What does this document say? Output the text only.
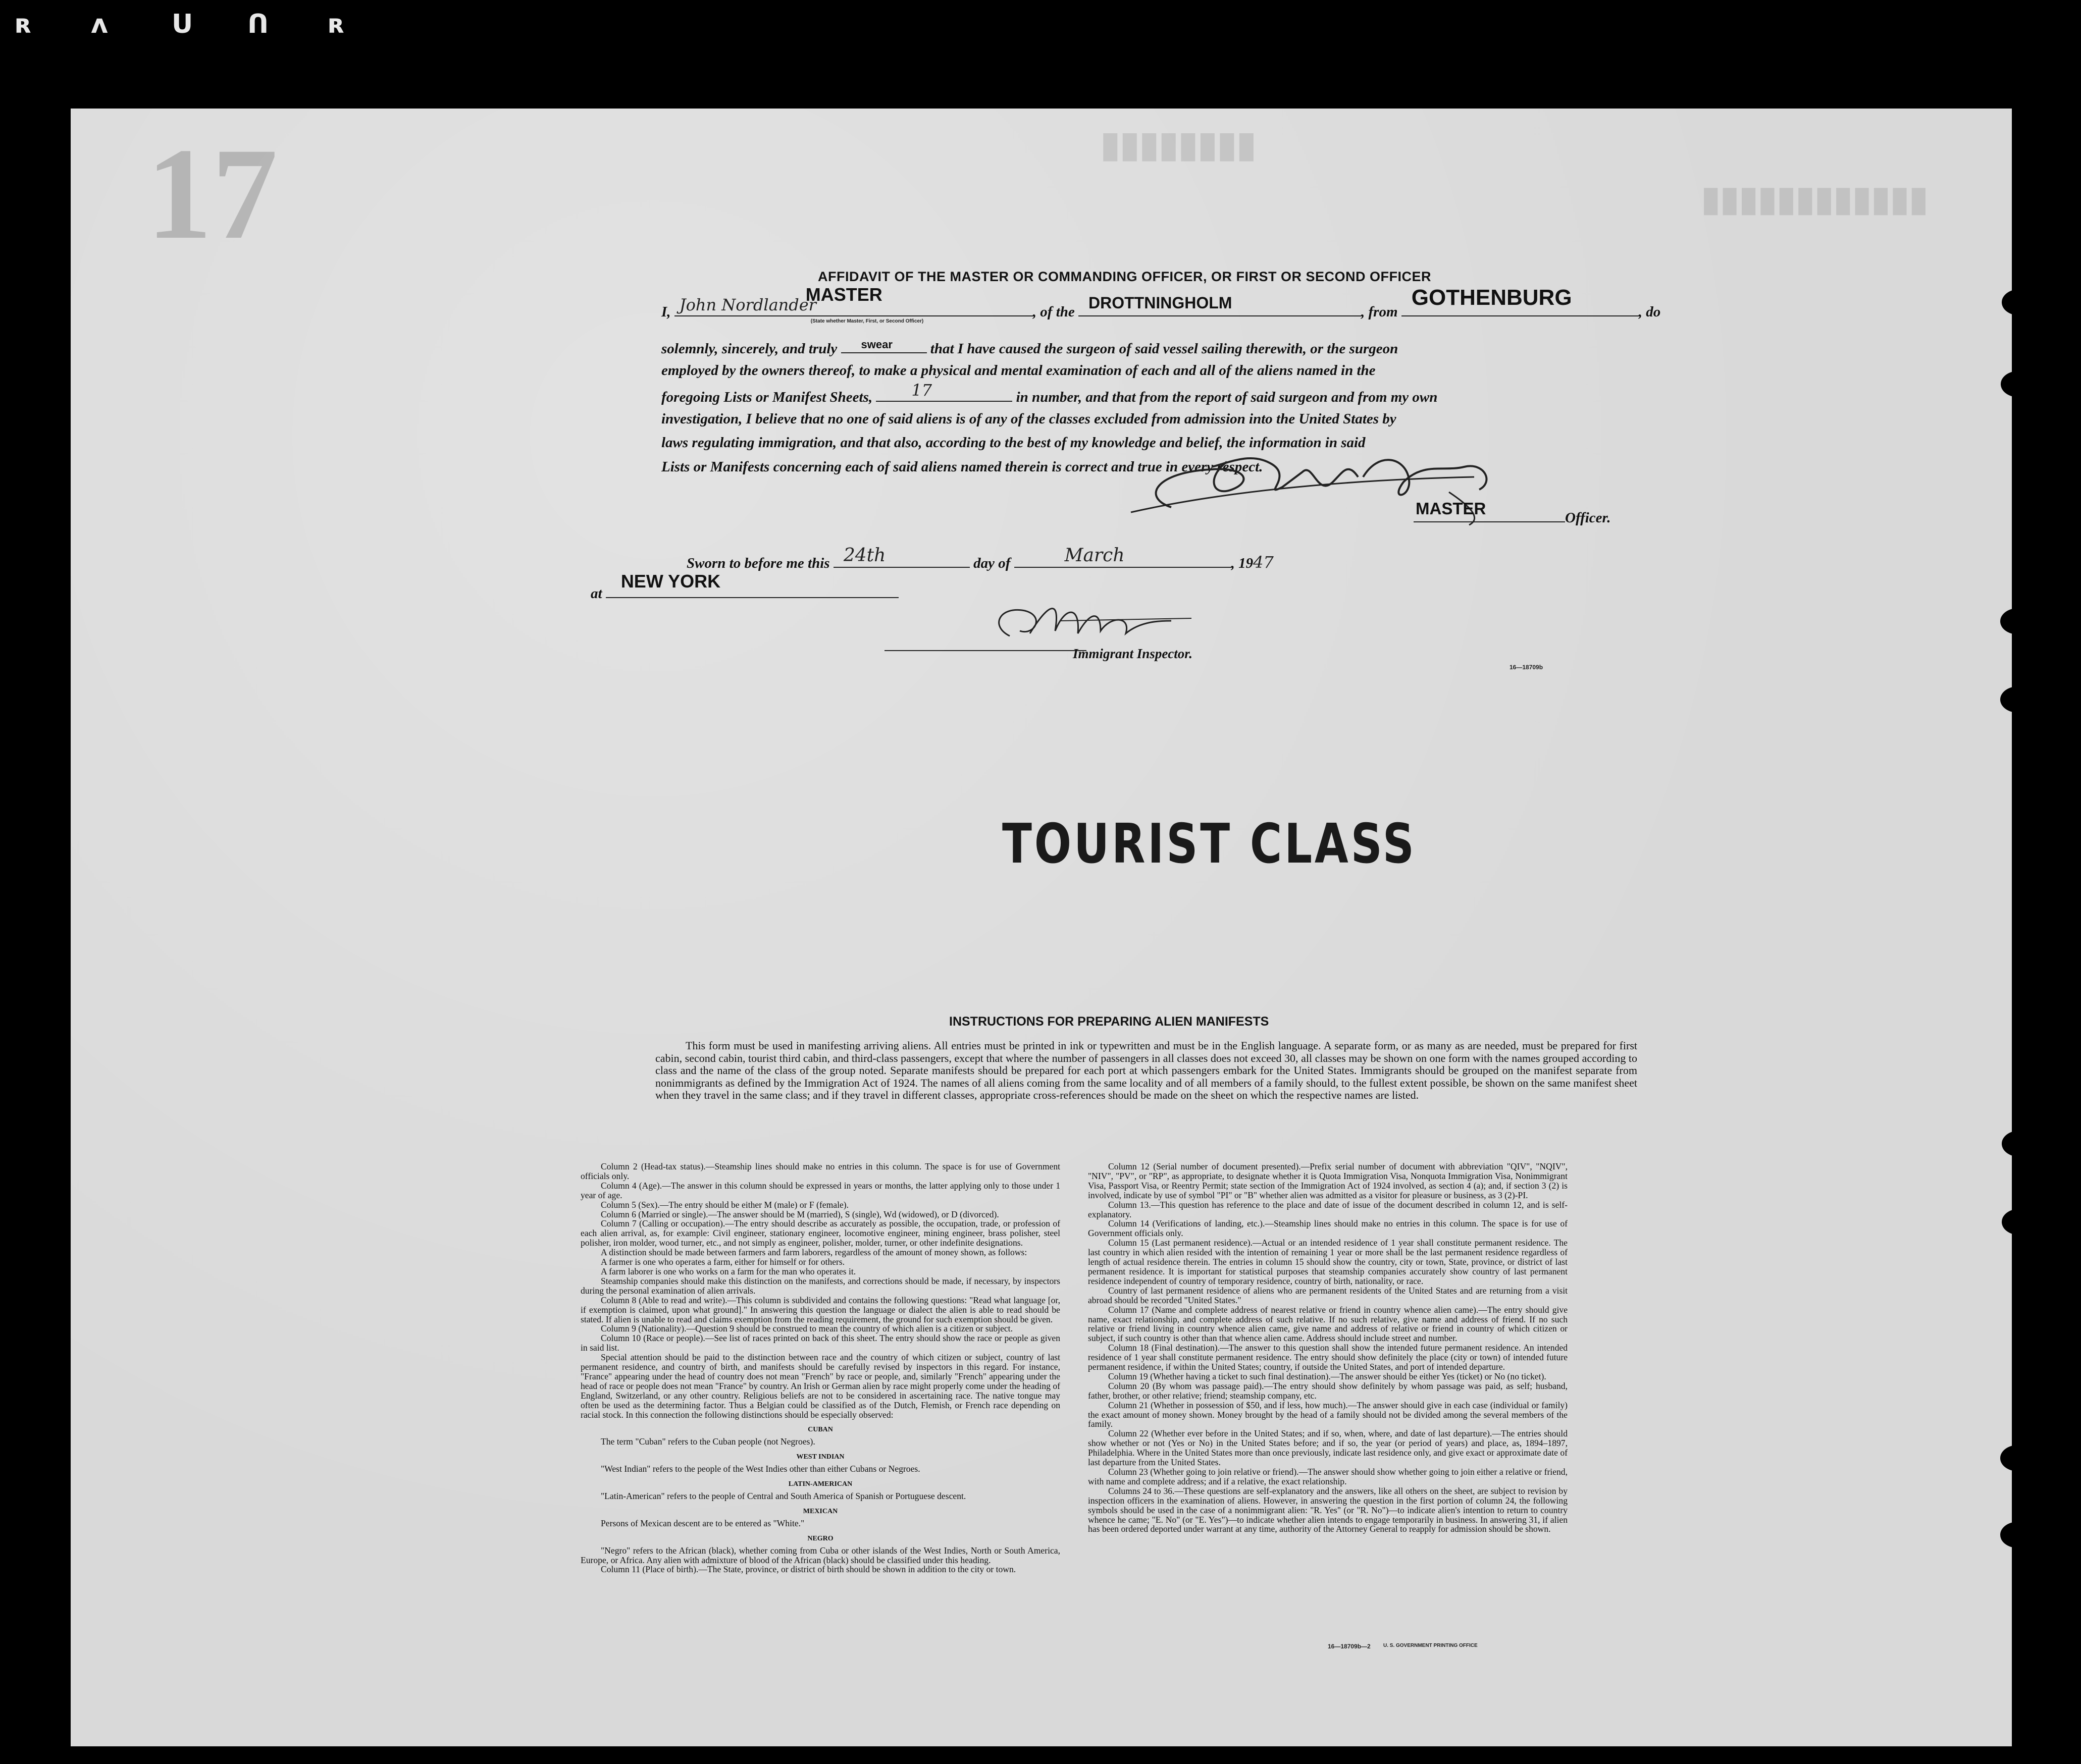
ʀ ʌ ᑌ ᑎ ʀ
17	▮▮▮▮▮▮▮▮
▮▮▮▮▮▮▮▮▮▮▮▮
AFFIDAVIT OF THE MASTER OR COMMANDING OFFICER, OR FIRST OR SECOND OFFICER
I, John Nordlander
MASTER
(State whether Master, First, or Second Officer)
, of the DROTTNINGHOLM	, from
GOTHENBURG
, do
solemnly, sincerely, and truly swear	that I have caused the surgeon of said vessel sailing therewith, or the surgeon
employed by the owners thereof, to make a physical and mental examination of each and all of the aliens named in the
foregoing Lists or Manifest Sheets, 17	in number, and that from the report of said surgeon and from my own
investigation, I believe that no one of said aliens is of any of the classes excluded from admission into the United States by
laws regulating immigration, and that also, according to the best of my knowledge and belief, the information in said
Lists or Manifests concerning each of said aliens named therein is correct and true in every respect.
MASTER	Officer.
Sworn to before me this 24th	day of	March	, 1947
at
NEW YORK
Immigrant Inspector.
16—18709b
TOURIST CLASS
INSTRUCTIONS FOR PREPARING ALIEN MANIFESTS
This form must be used in manifesting arriving aliens. All entries must be printed in ink or typewritten and must be in the English language. A separate form, or as many as are needed, must be prepared for first cabin, second cabin, tourist third cabin, and third-class passengers, except that where the number of passengers in all classes does not exceed 30, all classes may be shown on one form with the names grouped according to class and the name of the class of the group noted. Separate manifests should be prepared for each port at which passengers embark for the United States. Immigrants should be grouped on the manifest separate from nonimmigrants as defined by the Immigration Act of 1924. The names of all aliens coming from the same locality and of all members of a family should, to the fullest extent possible, be shown on the same manifest sheet when they travel in the same class; and if they travel in different classes, appropriate cross-references should be made on the sheet on which the respective names are listed.

Column 2 (Head-tax status).—Steamship lines should make no entries in this column. The space is for use of Government officials only.

Column 4 (Age).—The answer in this column should be expressed in years or months, the latter applying only to those under 1 year of age.

Column 5 (Sex).—The entry should be either M (male) or F (female).

Column 6 (Married or single).—The answer should be M (married), S (single), Wd (widowed), or D (divorced).

Column 7 (Calling or occupation).—The entry should describe as accurately as possible, the occupation, trade, or profession of each alien arrival, as, for example: Civil engineer, stationary engineer, locomotive engineer, mining engineer, brass polisher, steel polisher, iron molder, wood turner, etc., and not simply as engineer, polisher, molder, turner, or other indefinite designations.

A distinction should be made between farmers and farm laborers, regardless of the amount of money shown, as follows:

A farmer is one who operates a farm, either for himself or for others.

A farm laborer is one who works on a farm for the man who operates it.

Steamship companies should make this distinction on the manifests, and corrections should be made, if necessary, by inspectors during the personal examination of alien arrivals.

Column 8 (Able to read and write).—This column is subdivided and contains the following questions: "Read what language [or, if exemption is claimed, upon what ground]." In answering this question the language or dialect the alien is able to read should be stated. If alien is unable to read and claims exemption from the reading requirement, the ground for such exemption should be given.

Column 9 (Nationality).—Question 9 should be construed to mean the country of which alien is a citizen or subject.

Column 10 (Race or people).—See list of races printed on back of this sheet. The entry should show the race or people as given in said list.

Special attention should be paid to the distinction between race and the country of which citizen or subject, country of last permanent residence, and country of birth, and manifests should be carefully revised by inspectors in this regard. For instance, "France" appearing under the head of country does not mean "French" by race or people, and, similarly "French" appearing under the head of race or people does not mean "France" by country. An Irish or German alien by race might properly come under the heading of England, Switzerland, or any other country. Religious beliefs are not to be considered in ascertaining race. The native tongue may often be used as the determining factor. Thus a Belgian could be classified as of the Dutch, Flemish, or French race depending on racial stock. In this connection the following distinctions should be especially observed:

CUBAN

The term "Cuban" refers to the Cuban people (not Negroes).

WEST INDIAN

"West Indian" refers to the people of the West Indies other than either Cubans or Negroes.

LATIN-AMERICAN

"Latin-American" refers to the people of Central and South America of Spanish or Portuguese descent.

MEXICAN

Persons of Mexican descent are to be entered as "White."

NEGRO

"Negro" refers to the African (black), whether coming from Cuba or other islands of the West Indies, North or South America, Europe, or Africa. Any alien with admixture of blood of the African (black) should be classified under this heading.

Column 11 (Place of birth).—The State, province, or district of birth should be shown in addition to the city or town.

Column 12 (Serial number of document presented).—Prefix serial number of document with abbreviation "QIV", "NQIV", "NIV", "PV", or "RP", as appropriate, to designate whether it is Quota Immigration Visa, Nonquota Immigration Visa, Nonimmigrant Visa, Passport Visa, or Reentry Permit; state section of the Immigration Act of 1924 involved, as section 4 (a); and, if section 3 (2) is involved, indicate by use of symbol "PI" or "B" whether alien was admitted as a visitor for pleasure or business, as 3 (2)-PI.

Column 13.—This question has reference to the place and date of issue of the document described in column 12, and is self-explanatory.

Column 14 (Verifications of landing, etc.).—Steamship lines should make no entries in this column. The space is for use of Government officials only.

Column 15 (Last permanent residence).—Actual or an intended residence of 1 year shall constitute permanent residence. The last country in which alien resided with the intention of remaining 1 year or more shall be the last permanent residence regardless of length of actual residence therein. The entries in column 15 should show the country, city or town, State, province, or district of last permanent residence. It is important for statistical purposes that steamship companies accurately show country of last permanent residence independent of country of temporary residence, country of birth, nationality, or race.

Country of last permanent residence of aliens who are permanent residents of the United States and are returning from a visit abroad should be recorded "United States."

Column 17 (Name and complete address of nearest relative or friend in country whence alien came).—The entry should give name, exact relationship, and complete address of such relative. If no such relative, give name and address of friend. If no such relative or friend living in country whence alien came, give name and address of relative or friend in country of which citizen or subject, if such country is other than that whence alien came. Address should include street and number.

Column 18 (Final destination).—The answer to this question shall show the intended future permanent residence. An intended residence of 1 year shall constitute permanent residence. The entry should show definitely the place (city or town) of intended future permanent residence, if within the United States; country, if outside the United States, and port of intended departure.

Column 19 (Whether having a ticket to such final destination).—The answer should be either Yes (ticket) or No (no ticket).

Column 20 (By whom was passage paid).—The entry should show definitely by whom passage was paid, as self; husband, father, brother, or other relative; friend; steamship company, etc.

Column 21 (Whether in possession of $50, and if less, how much).—The answer should give in each case (individual or family) the exact amount of money shown. Money brought by the head of a family should not be divided among the several members of the family.

Column 22 (Whether ever before in the United States; and if so, when, where, and date of last departure).—The entries should show whether or not (Yes or No) in the United States before; and if so, the year (or period of years) and place, as, 1894–1897, Philadelphia. Where in the United States more than once previously, indicate last residence only, and give exact or approximate date of last departure from the United States.

Column 23 (Whether going to join relative or friend).—The answer should show whether going to join either a relative or friend, with name and complete address; and if a relative, the exact relationship.

Columns 24 to 36.—These questions are self-explanatory and the answers, like all others on the sheet, are subject to revision by inspection officers in the examination of aliens. However, in answering the question in the first portion of column 24, the following symbols should be used in the case of a nonimmigrant alien: "R. Yes" (or "R. No")—to indicate alien's intention to return to country whence he came; "E. No" (or "E. Yes")—to indicate whether alien intends to engage temporarily in business. In answering 31, if alien has been ordered deported under warrant at any time, authority of the Attorney General to reapply for admission should be shown.

16—18709b—2	U. S. GOVERNMENT PRINTING OFFICE
